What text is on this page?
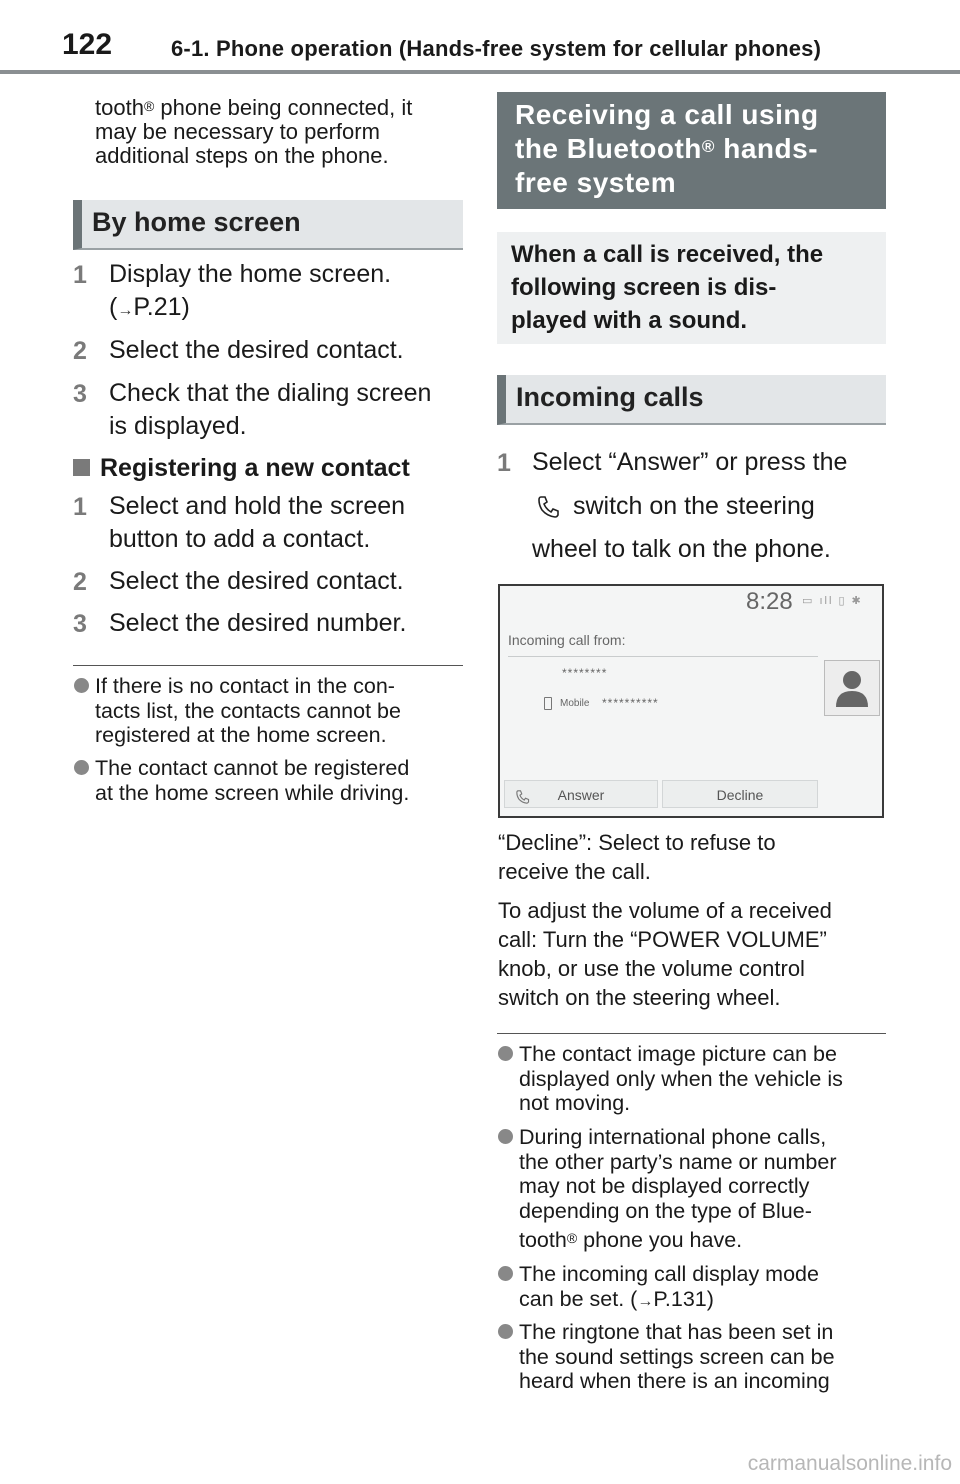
122	6-1. Phone operation (Hands-free system for cellular phones)
tooth® phone being connected, it
may be necessary to perform
additional steps on the phone.
By home screen
1 Display the home screen.
(→P.21)
2 Select the desired contact.
3 Check that the dialing screen
is displayed.
Registering a new contact
1 Select and hold the screen
button to add a contact.
2 Select the desired contact.
3 Select the desired number.
If there is no contact in the con-
tacts list, the contacts cannot be
registered at the home screen.
The contact cannot be registered
at the home screen while driving.
Receiving a call using
the Bluetooth® hands-
free system
When a call is received, the
following screen is dis-
played with a sound.
Incoming calls
1 Select “Answer” or press the
switch on the steering
wheel to talk on the phone.
8:28 ▭ ıll ▯ ✱
Incoming call from:
********
Mobile **********
Answer	Decline
“Decline”: Select to refuse to
receive the call.
To adjust the volume of a received
call: Turn the “POWER VOLUME”
knob, or use the volume control
switch on the steering wheel.
The contact image picture can be
displayed only when the vehicle is
not moving.
During international phone calls,
the other party’s name or number
may not be displayed correctly
depending on the type of Blue-
tooth® phone you have.
The incoming call display mode
can be set. (→P.131)
The ringtone that has been set in
the sound settings screen can be
heard when there is an incoming
carmanualsonline.info
